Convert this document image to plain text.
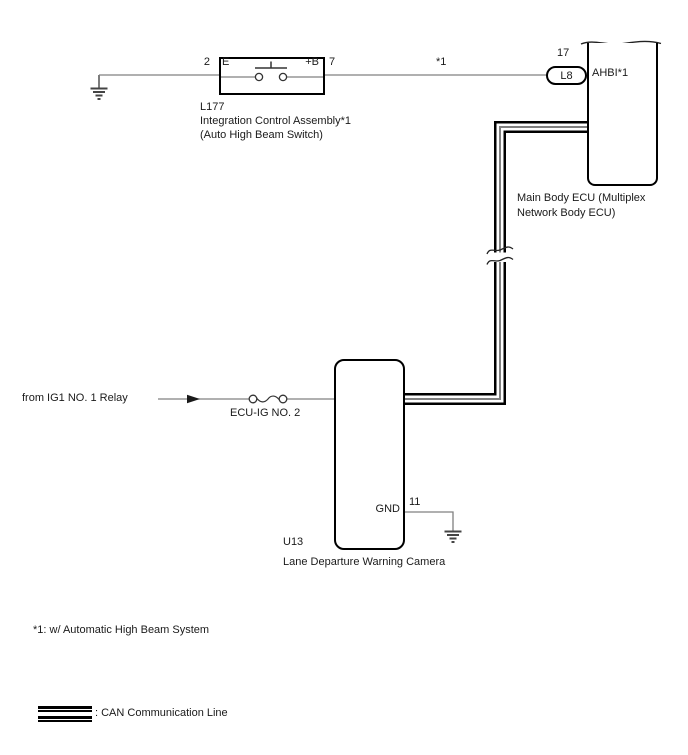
L8
2 E	+B 7
L177
Integration Control Assembly*1
(Auto High Beam Switch)
*1
17
AHBI*1
Main Body ECU (Multiplex
Network Body ECU)
from IG1 NO. 1 Relay
ECU-IG NO. 2
GND
11
U13
Lane Departure Warning Camera
*1: w/ Automatic High Beam System
: CAN Communication Line
